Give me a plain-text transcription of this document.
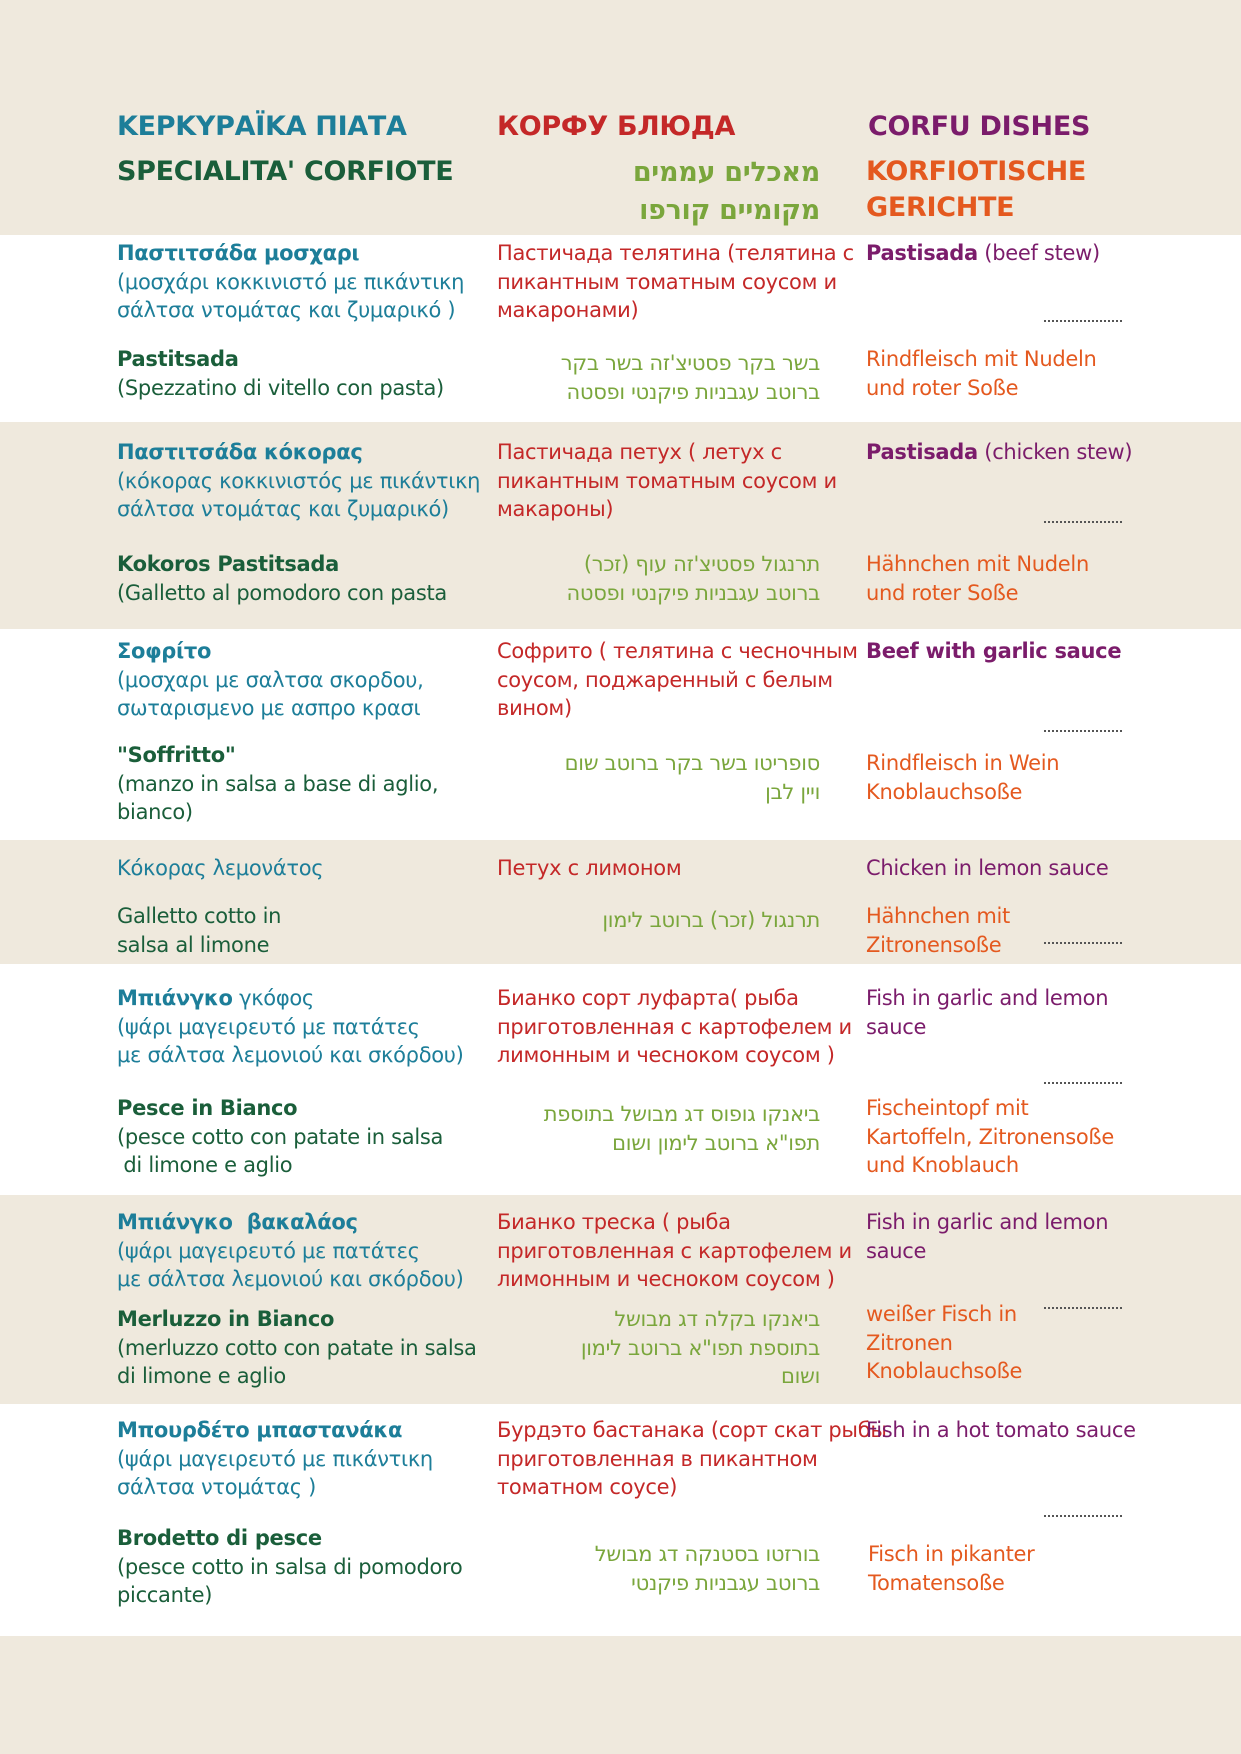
ΚΕΡΚΥΡΑΪΚΑ ΠΙΑΤΑ
SPECIALITA' CORFIOTE
КОРФУ БЛЮДА
מאכלים עממים
מקומיים קורפו
CORFU DISHES
KORFIOTISCHE
GERICHTE
Παστιτσάδα μοσχαρι
(μοσχάρι κοκκινιστό με πικάντικη
σάλτσα ντομάτας και ζυμαρικό )
Pastitsada
(Spezzatino di vitello con pasta)
Пастичада телятина (телятина с
пикантным томатным соусом и
макаронами)
בשר בקר פסטיצ'זה בשר בקר
ברוטב עגבניות פיקנטי ופסטה
Pastisada (beef stew)
Rindfleisch mit Nudeln
und roter Soße
Παστιτσάδα κόκορας
(κόκορας κοκκινιστός με πικάντικη
σάλτσα ντομάτας και ζυμαρικό)
Kokoros Pastitsada
(Galletto al pomodoro con pasta
Пастичада петух ( летух с
пикантным томатным соусом и
макароны)
תרנגול פסטיצ'זה עוף (זכר)
ברוטב עגבניות פיקנטי ופסטה
Pastisada (chicken stew)
Hähnchen mit Nudeln
und roter Soße
Σοφρίτο
(μοσχαρι με σαλτσα σκορδου,
σωταρισμενο με ασπρο κρασι
"Soffritto"
(manzo in salsa a base di aglio,
bianco)
Софрито ( телятина с чесночным
соусом, поджаренный с белым
вином)
סופריטו בשר בקר ברוטב שום
ויין לבן
Beef with garlic sauce
Rindfleisch in Wein
Knoblauchsoße
Κόκορας λεμονάτος
Galletto cotto in
salsa al limone
Петух с лимоном
תרנגול (זכר) ברוטב לימון
Chicken in lemon sauce
Hähnchen mit
Zitronensoße
Μπιάνγκο γκόφος
(ψάρι μαγειρευτό με πατάτες
με σάλτσα λεμονιού και σκόρδου)
Pesce in Bianco
(pesce cotto con patate in salsa
di limone e aglio
Бианко сорт луфарта( рыба
приготовленная с картофелем и
лимонным и чесноком соусом )
ביאנקו גופוס דג מבושל בתוספת
תפו"א ברוטב לימון ושום
Fish in garlic and lemon
sauce
Fischeintopf mit
Kartoffeln, Zitronensoße
und Knoblauch
Μπιάνγκο  βακαλάος
(ψάρι μαγειρευτό με πατάτες
με σάλτσα λεμονιού και σκόρδου)
Merluzzo in Bianco
(merluzzo cotto con patate in salsa
di limone e aglio
Бианко треска ( рыба
приготовленная с картофелем и
лимонным и чесноком соусом )
ביאנקו בקלה דג מבושל
בתוספת תפו"א ברוטב לימון
ושום
Fish in garlic and lemon
sauce
weißer Fisch in
Zitronen
Knoblauchsoße
Μπουρδέτο μπαστανάκα
(ψάρι μαγειρευτό με πικάντικη
σάλτσα ντομάτας )
Brodetto di pesce
(pesce cotto in salsa di pomodoro
piccante)
Бурдэто бастанака (сорт скат рыбы
приготовленная в пикантном
томатном соусе)
בורזטו בסטנקה דג מבושל
ברוטב עגבניות פיקנטי
Fish in a hot tomato sauce
Fisch in pikanter
Tomatensoße
